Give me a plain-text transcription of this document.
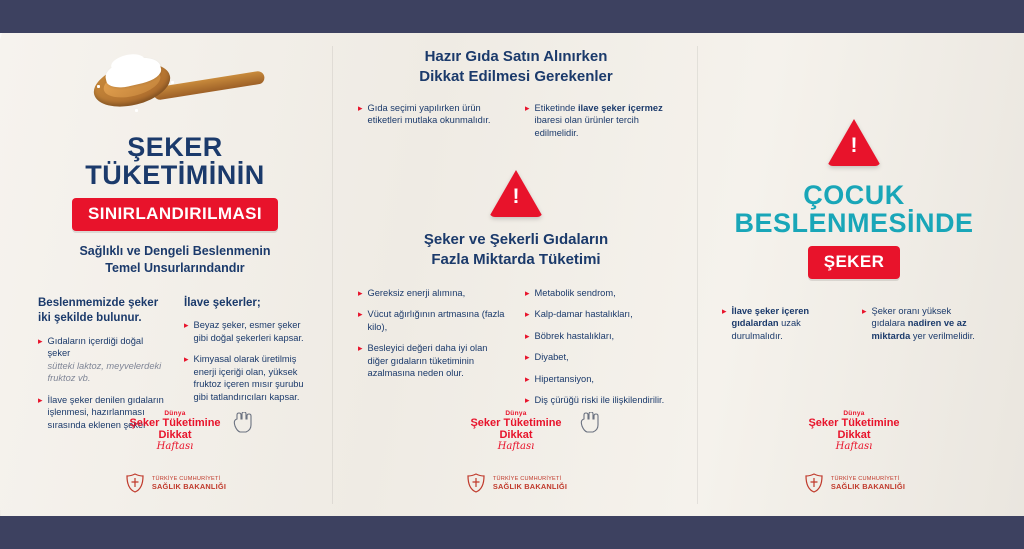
ŞEKER
TÜKETİMİNİN
SINIRLANDIRILMASI
Sağlıklı ve Dengeli Beslenmenin
Temel Unsurlarındandır
Beslenmemizde şeker
iki şekilde bulunur.
▸ Gıdaların içerdiği doğal şeker
sütteki laktoz, meyvelerdeki fruktoz vb.
▸ İlave şeker denilen gıdaların işlenmesi, hazırlanması sırasında eklenen şeker
İlave şekerler;
▸ Beyaz şeker, esmer şeker gibi doğal şekerleri kapsar.
▸ Kimyasal olarak üretilmiş enerji içeriği olan, yüksek fruktoz içeren mısır şurubu gibi tatlandırıcıları kapsar.
Dünya
Şeker Tüketimine
Dikkat
Haftası
TÜRKİYE CUMHURİYETİ
SAĞLIK BAKANLIĞI
Hazır Gıda Satın Alınırken
Dikkat Edilmesi Gerekenler
▸ Gıda seçimi yapılırken ürün etiketleri mutlaka okunmalıdır.
▸ Etiketinde ilave şeker içermez ibaresi olan ürünler tercih edilmelidir.
!
Şeker ve Şekerli Gıdaların
Fazla Miktarda Tüketimi
▸ Gereksiz enerji alımına,
▸ Vücut ağırlığının artmasına (fazla kilo),
▸ Besleyici değeri daha iyi olan diğer gıdaların tüketiminin azalmasına neden olur.
▸ Metabolik sendrom,
▸ Kalp-damar hastalıkları,
▸ Böbrek hastalıkları,
▸ Diyabet,
▸ Hipertansiyon,
▸ Diş çürüğü riski ile ilişkilendirilir.
Dünya
Şeker Tüketimine
Dikkat
Haftası
TÜRKİYE CUMHURİYETİ
SAĞLIK BAKANLIĞI
!
ÇOCUK
BESLENMESİNDE
ŞEKER
▸ İlave şeker içeren gıdalardan uzak durulmalıdır.
▸ Şeker oranı yüksek gıdalara nadiren ve az miktarda yer verilmelidir.
Dünya
Şeker Tüketimine
Dikkat
Haftası
TÜRKİYE CUMHURİYETİ
SAĞLIK BAKANLIĞI
